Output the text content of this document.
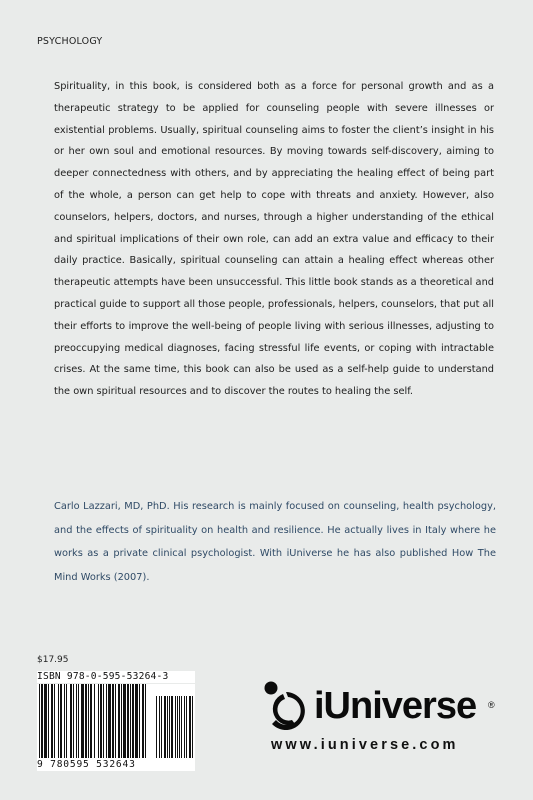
PSYCHOLOGY

Spirituality, in this book, is considered both as a force for personal growth and as a therapeutic strategy to be applied for counseling people with severe illnesses or existential problems. Usually, spiritual counseling aims to foster the client’s insight in his or her own soul and emotional resources. By moving towards self-discovery, aiming to deeper connectedness with others, and by appreciating the healing effect of being part of the whole, a person can get help to cope with threats and anxiety. However, also counselors, helpers, doctors, and nurses, through a higher understanding of the ethical and spiritual implications of their own role, can add an extra value and efficacy to their daily practice. Basically, spiritual counseling can attain a healing effect whereas other therapeutic attempts have been unsuccessful. This little book stands as a theoretical and practical guide to support all those people, professionals, helpers, counselors, that put all their efforts to improve the well-being of people living with serious illnesses, adjusting to preoccupying medical diagnoses, facing stressful life events, or coping with intractable crises. At the same time, this book can also be used as a self-help guide to understand the own spiritual resources and to discover the routes to healing the self.

Carlo Lazzari, MD, PhD. His research is mainly focused on counseling, health psychology, and the effects of spirituality on health and resilience. He actually lives in Italy where he works as a private clinical psychologist. With iUniverse he has also published How The Mind Works (2007).

$17.95
ISBN 978-0-595-53264-3
9 780595 532643
iUniverse ®
www.iuniverse.com
